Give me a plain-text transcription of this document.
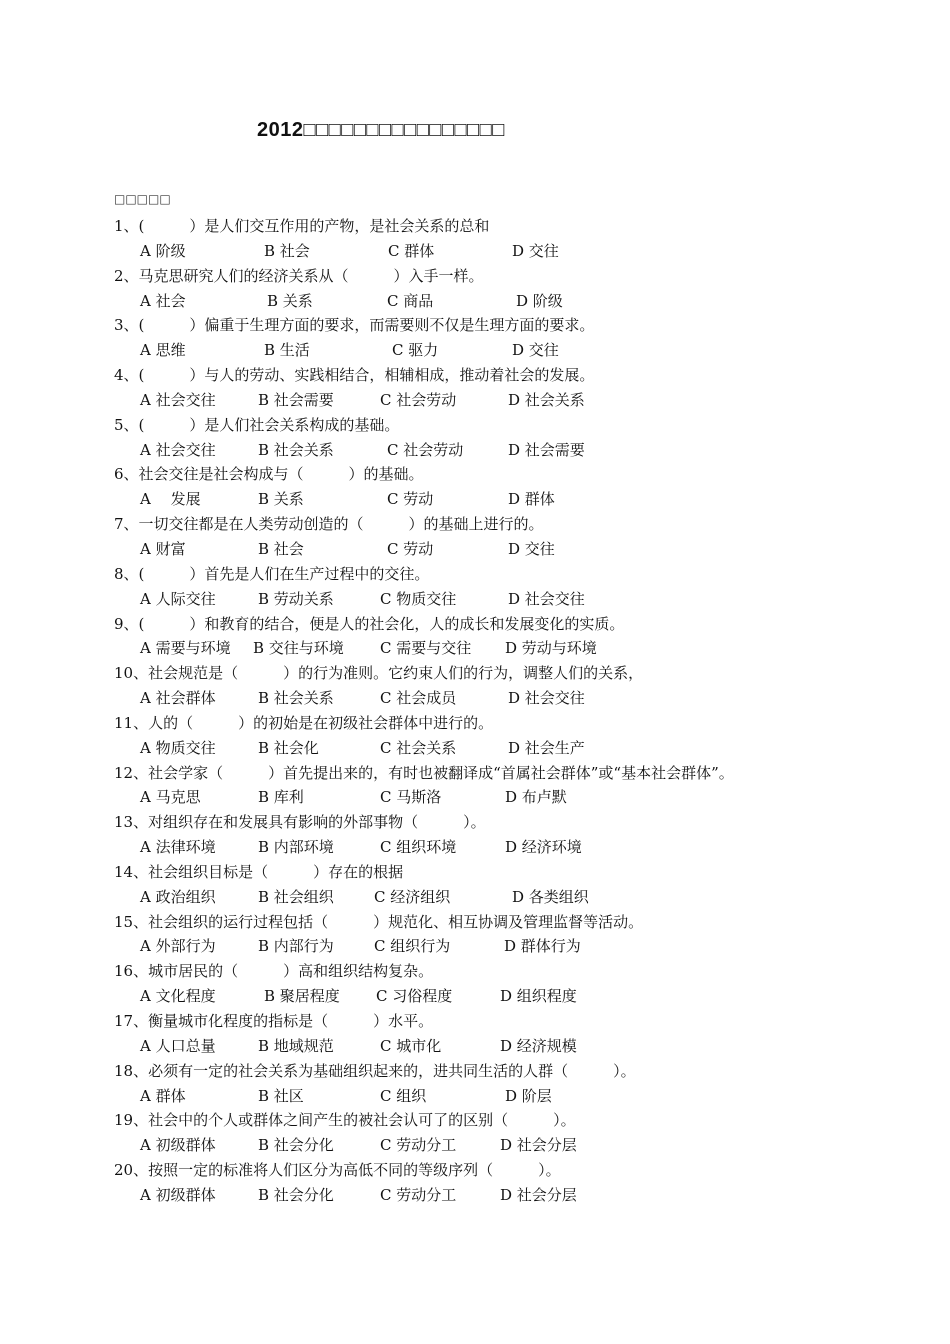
2012□□□□□□□□□□□□□□□□
□□□□□
1、(　　　）是人们交互作用的产物，是社会关系的总和
A 阶级	B 社会	C 群体	D 交往
2、马克思研究人们的经济关系从（　　　）入手一样。
A 社会	B 关系	C 商品	D 阶级
3、(　　　）偏重于生理方面的要求，而需要则不仅是生理方面的要求。
A 思维	B 生活	C 驱力	D 交往
4、(　　　）与人的劳动、实践相结合，相辅相成，推动着社会的发展。
A 社会交往	B 社会需要	C 社会劳动	D 社会关系
5、(　　　）是人们社会关系构成的基础。
A 社会交往	B 社会关系	C 社会劳动	D 社会需要
6、社会交往是社会构成与（　　　）的基础。
A　 发展	B 关系	C 劳动	D 群体
7、一切交往都是在人类劳动创造的（　　　）的基础上进行的。
A 财富	B 社会	C 劳动	D 交往
8、(　　　）首先是人们在生产过程中的交往。
A 人际交往	B 劳动关系	C 物质交往	D 社会交往
9、(　　　）和教育的结合，便是人的社会化，人的成长和发展变化的实质。
A 需要与环境 B 交往与环境 C 需要与交往 D 劳动与环境
10、社会规范是（　　　）的行为准则。它约束人们的行为，调整人们的关系，
A 社会群体	B 社会关系	C 社会成员	D 社会交往
11、人的（　　　）的初始是在初级社会群体中进行的。
A 物质交往	B 社会化	C 社会关系	D 社会生产
12、社会学家（　　　）首先提出来的，有时也被翻译成“首属社会群体”或“基本社会群体”。
A 马克思	B 库利	C 马斯洛	D 布卢默
13、对组织存在和发展具有影响的外部事物（　　　）。
A 法律环境	B 内部环境	C 组织环境	D 经济环境
14、社会组织目标是（　　　）存在的根据
A 政治组织	B 社会组织	C 经济组织	D 各类组织
15、社会组织的运行过程包括（　　　）规范化、相互协调及管理监督等活动。
A 外部行为	B 内部行为	C 组织行为	D 群体行为
16、城市居民的（　　　）高和组织结构复杂。
A 文化程度	B 聚居程度 C 习俗程度	D 组织程度
17、衡量城市化程度的指标是（　　　）水平。
A 人口总量	B 地域规范	C 城市化	D 经济规模
18、必须有一定的社会关系为基础组织起来的，进共同生活的人群（　　　）。
A 群体	B 社区	C 组织	D 阶层
19、社会中的个人或群体之间产生的被社会认可了的区别（　　　）。
A 初级群体	B 社会分化	C 劳动分工	D 社会分层
20、按照一定的标准将人们区分为高低不同的等级序列（　　　）。
A 初级群体	B 社会分化	C 劳动分工	D 社会分层
